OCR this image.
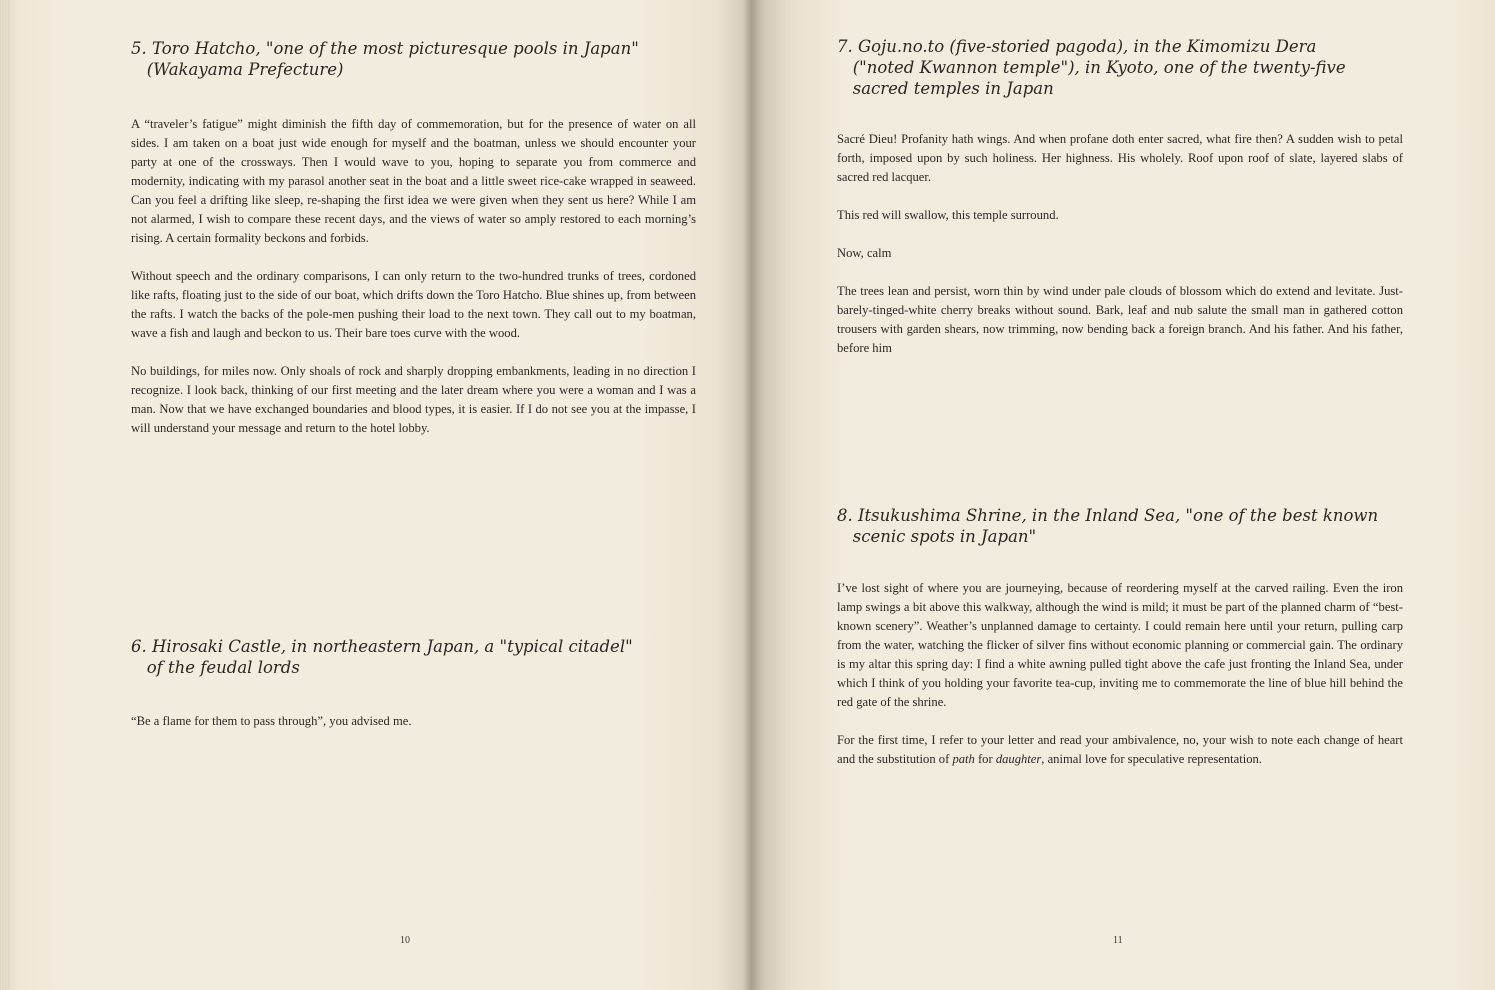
5. Toro Hatcho, "one of the most picturesque pools in Japan"
(Wakayama Prefecture)

A “traveler’s fatigue” might diminish the fifth day of commemoration, but for the presence of water on all sides. I am taken on a boat just wide enough for myself and the boatman, unless we should encounter your party at one of the crossways. Then I would wave to you, hoping to separate you from commerce and modernity, indicating with my parasol another seat in the boat and a little sweet rice-cake wrapped in seaweed. Can you feel a drifting like sleep, re-shaping the first idea we were given when they sent us here? While I am not alarmed, I wish to compare these recent days, and the views of water so amply restored to each morning’s rising. A certain formality beckons and forbids.

Without speech and the ordinary comparisons, I can only return to the two-hundred trunks of trees, cordoned like rafts, floating just to the side of our boat, which drifts down the Toro Hatcho. Blue shines up, from between the rafts. I watch the backs of the pole-men pushing their load to the next town. They call out to my boatman, wave a fish and laugh and beckon to us. Their bare toes curve with the wood.

No buildings, for miles now. Only shoals of rock and sharply dropping embankments, leading in no direction I recognize. I look back, thinking of our first meeting and the later dream where you were a woman and I was a man. Now that we have exchanged boundaries and blood types, it is easier. If I do not see you at the impasse, I will understand your message and return to the hotel lobby.

6. Hirosaki Castle, in northeastern Japan, a "typical citadel"
of the feudal lords

“Be a flame for them to pass through”, you advised me.

10
7. Goju.no.to (five-storied pagoda), in the Kimomizu Dera
("noted Kwannon temple"), in Kyoto, one of the twenty-five
sacred temples in Japan

Sacré Dieu! Profanity hath wings. And when profane doth enter sacred, what fire then? A sudden wish to petal forth, imposed upon by such holiness. Her highness. His wholely. Roof upon roof of slate, layered slabs of sacred red lacquer.

This red will swallow, this temple surround.

Now, calm

The trees lean and persist, worn thin by wind under pale clouds of blossom which do extend and levitate. Just-barely-tinged-white cherry breaks without sound. Bark, leaf and nub salute the small man in gathered cotton trousers with garden shears, now trimming, now bending back a foreign branch. And his father. And his father, before him

8. Itsukushima Shrine, in the Inland Sea, "one of the best known
scenic spots in Japan"

I’ve lost sight of where you are journeying, because of reordering myself at the carved railing. Even the iron lamp swings a bit above this walkway, although the wind is mild; it must be part of the planned charm of “best-known scenery”. Weather’s unplanned damage to certainty. I could remain here until your return, pulling carp from the water, watching the flicker of silver fins without economic planning or commercial gain. The ordinary is my altar this spring day: I find a white awning pulled tight above the cafe just fronting the Inland Sea, under which I think of you holding your favorite tea-cup, inviting me to commemorate the line of blue hill behind the red gate of the shrine.

For the first time, I refer to your letter and read your ambivalence, no, your wish to note each change of heart and the substitution of path for daughter, animal love for speculative representation.

11
